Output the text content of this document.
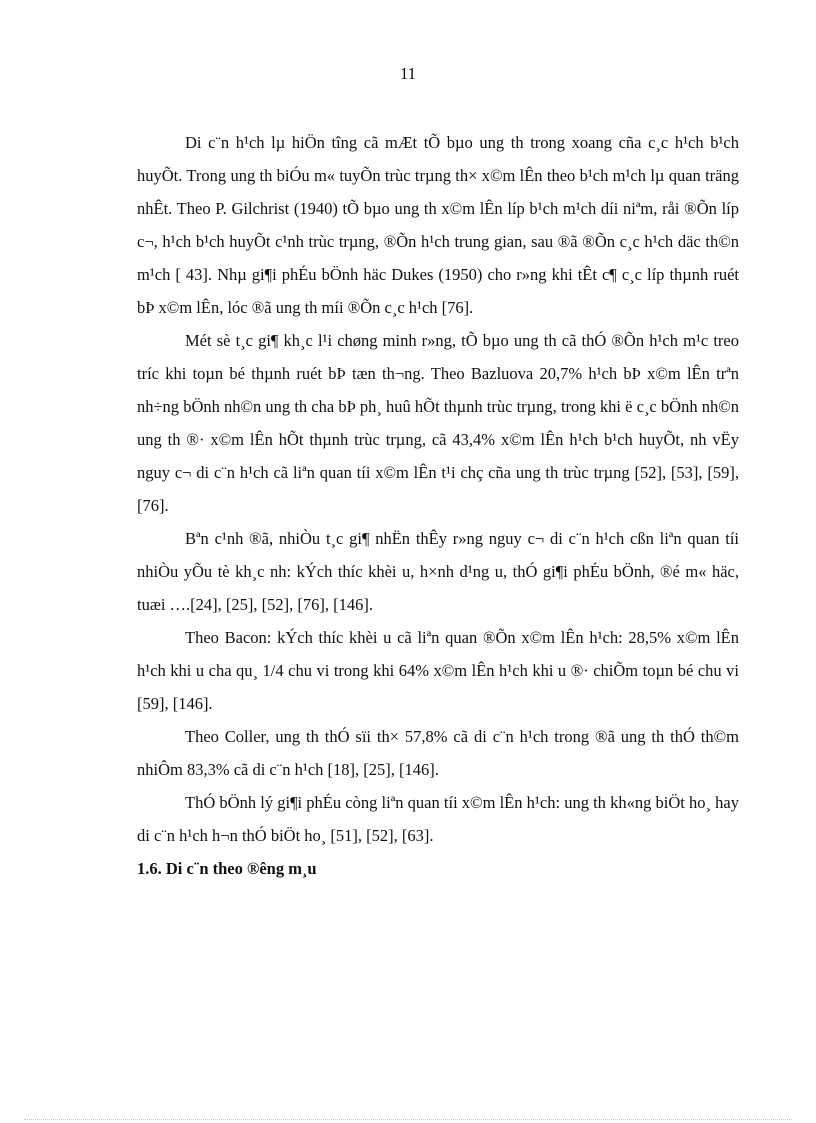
11

Di c¨n h¹ch lµ hiÖn tîng cã mÆt tÕ bµo ung th trong xoang cña c¸c h¹ch b¹ch huyÕt. Trong ung th biÓu m« tuyÕn trùc trµng th× x©m lÊn theo b¹ch m¹ch lµ quan träng nhÊt. Theo P. Gilchrist (1940) tÕ bµo ung th x©m lÊn líp b¹ch m¹ch díi niªm, råi ®Õn líp c¬, h¹ch b¹ch huyÕt c¹nh trùc trµng, ®Õn h¹ch trung gian, sau ®ã ®Õn c¸c h¹ch däc th©n m¹ch [ 43]. Nhµ gi¶i phÉu bÖnh häc Dukes (1950) cho r»ng khi tÊt c¶ c¸c líp thµnh ruét bÞ x©m lÊn, lóc ®ã ung th míi ®Õn c¸c h¹ch [76].

Mét sè t¸c gi¶ kh¸c l¹i chøng minh r»ng, tÕ bµo ung th cã thÓ ®Õn h¹ch m¹c treo tríc khi toµn bé thµnh ruét bÞ tæn th¬ng. Theo Bazluova 20,7% h¹ch bÞ x©m lÊn trªn nh÷ng bÖnh nh©n ung th cha bÞ ph¸ huû hÕt thµnh trùc trµng, trong khi ë c¸c bÖnh nh©n ung th ®· x©m lÊn hÕt thµnh trùc trµng, cã 43,4% x©m lÊn h¹ch b¹ch huyÕt, nh vËy nguy c¬ di c¨n h¹ch cã liªn quan tíi x©m lÊn t¹i chç cña ung th trùc trµng [52], [53], [59], [76].

Bªn c¹nh ®ã, nhiÒu t¸c gi¶ nhËn thÊy r»ng nguy c¬ di c¨n h¹ch cßn liªn quan tíi nhiÒu yÕu tè kh¸c nh: kÝch thíc khèi u, h×nh d¹ng u, thÓ gi¶i phÉu bÖnh, ®é m« häc, tuæi ….[24], [25], [52], [76], [146].

Theo Bacon: kÝch thíc khèi u cã liªn quan ®Õn x©m lÊn h¹ch: 28,5% x©m lÊn h¹ch khi u cha qu¸ 1/4 chu vi trong khi 64% x©m lÊn h¹ch khi u ®· chiÕm toµn bé chu vi [59], [146].

Theo Coller, ung th thÓ sïi th× 57,8% cã di c¨n h¹ch trong ®ã ung th thÓ th©m nhiÔm 83,3% cã di c¨n h¹ch [18], [25], [146].

ThÓ bÖnh lý gi¶i phÉu còng liªn quan tíi x©m lÊn h¹ch: ung th kh«ng biÖt ho¸ hay di c¨n h¹ch h¬n thÓ biÖt ho¸ [51], [52], [63].

1.6. Di c¨n theo ®êng m¸u
